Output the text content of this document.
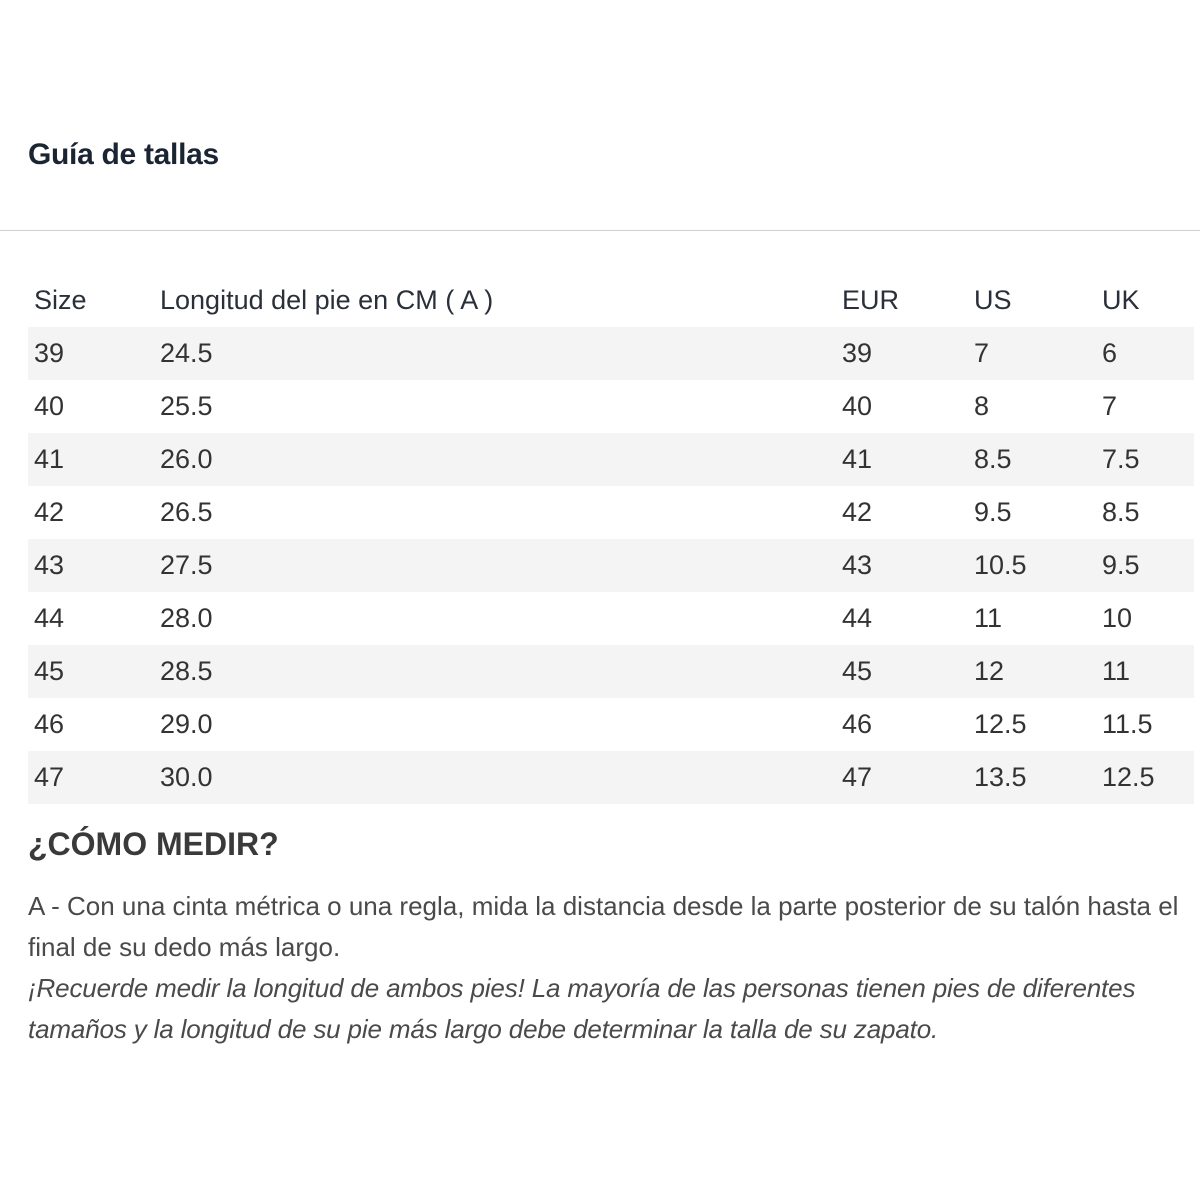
Guía de tallas
Size	Longitud del pie en CM ( A )	EUR	US	UK
39	24.5	39	7	6
40	25.5	40	8	7
41	26.0	41	8.5	7.5
42	26.5	42	9.5	8.5
43	27.5	43	10.5	9.5
44	28.0	44	11	10
45	28.5	45	12	11
46	29.0	46	12.5	11.5
47	30.0	47	13.5	12.5
¿CÓMO MEDIR?

A - Con una cinta métrica o una regla, mida la distancia desde la parte posterior de su talón hasta el final de su dedo más largo.

¡Recuerde medir la longitud de ambos pies! La mayoría de las personas tienen pies de diferentes tamaños y la longitud de su pie más largo debe determinar la talla de su zapato.
